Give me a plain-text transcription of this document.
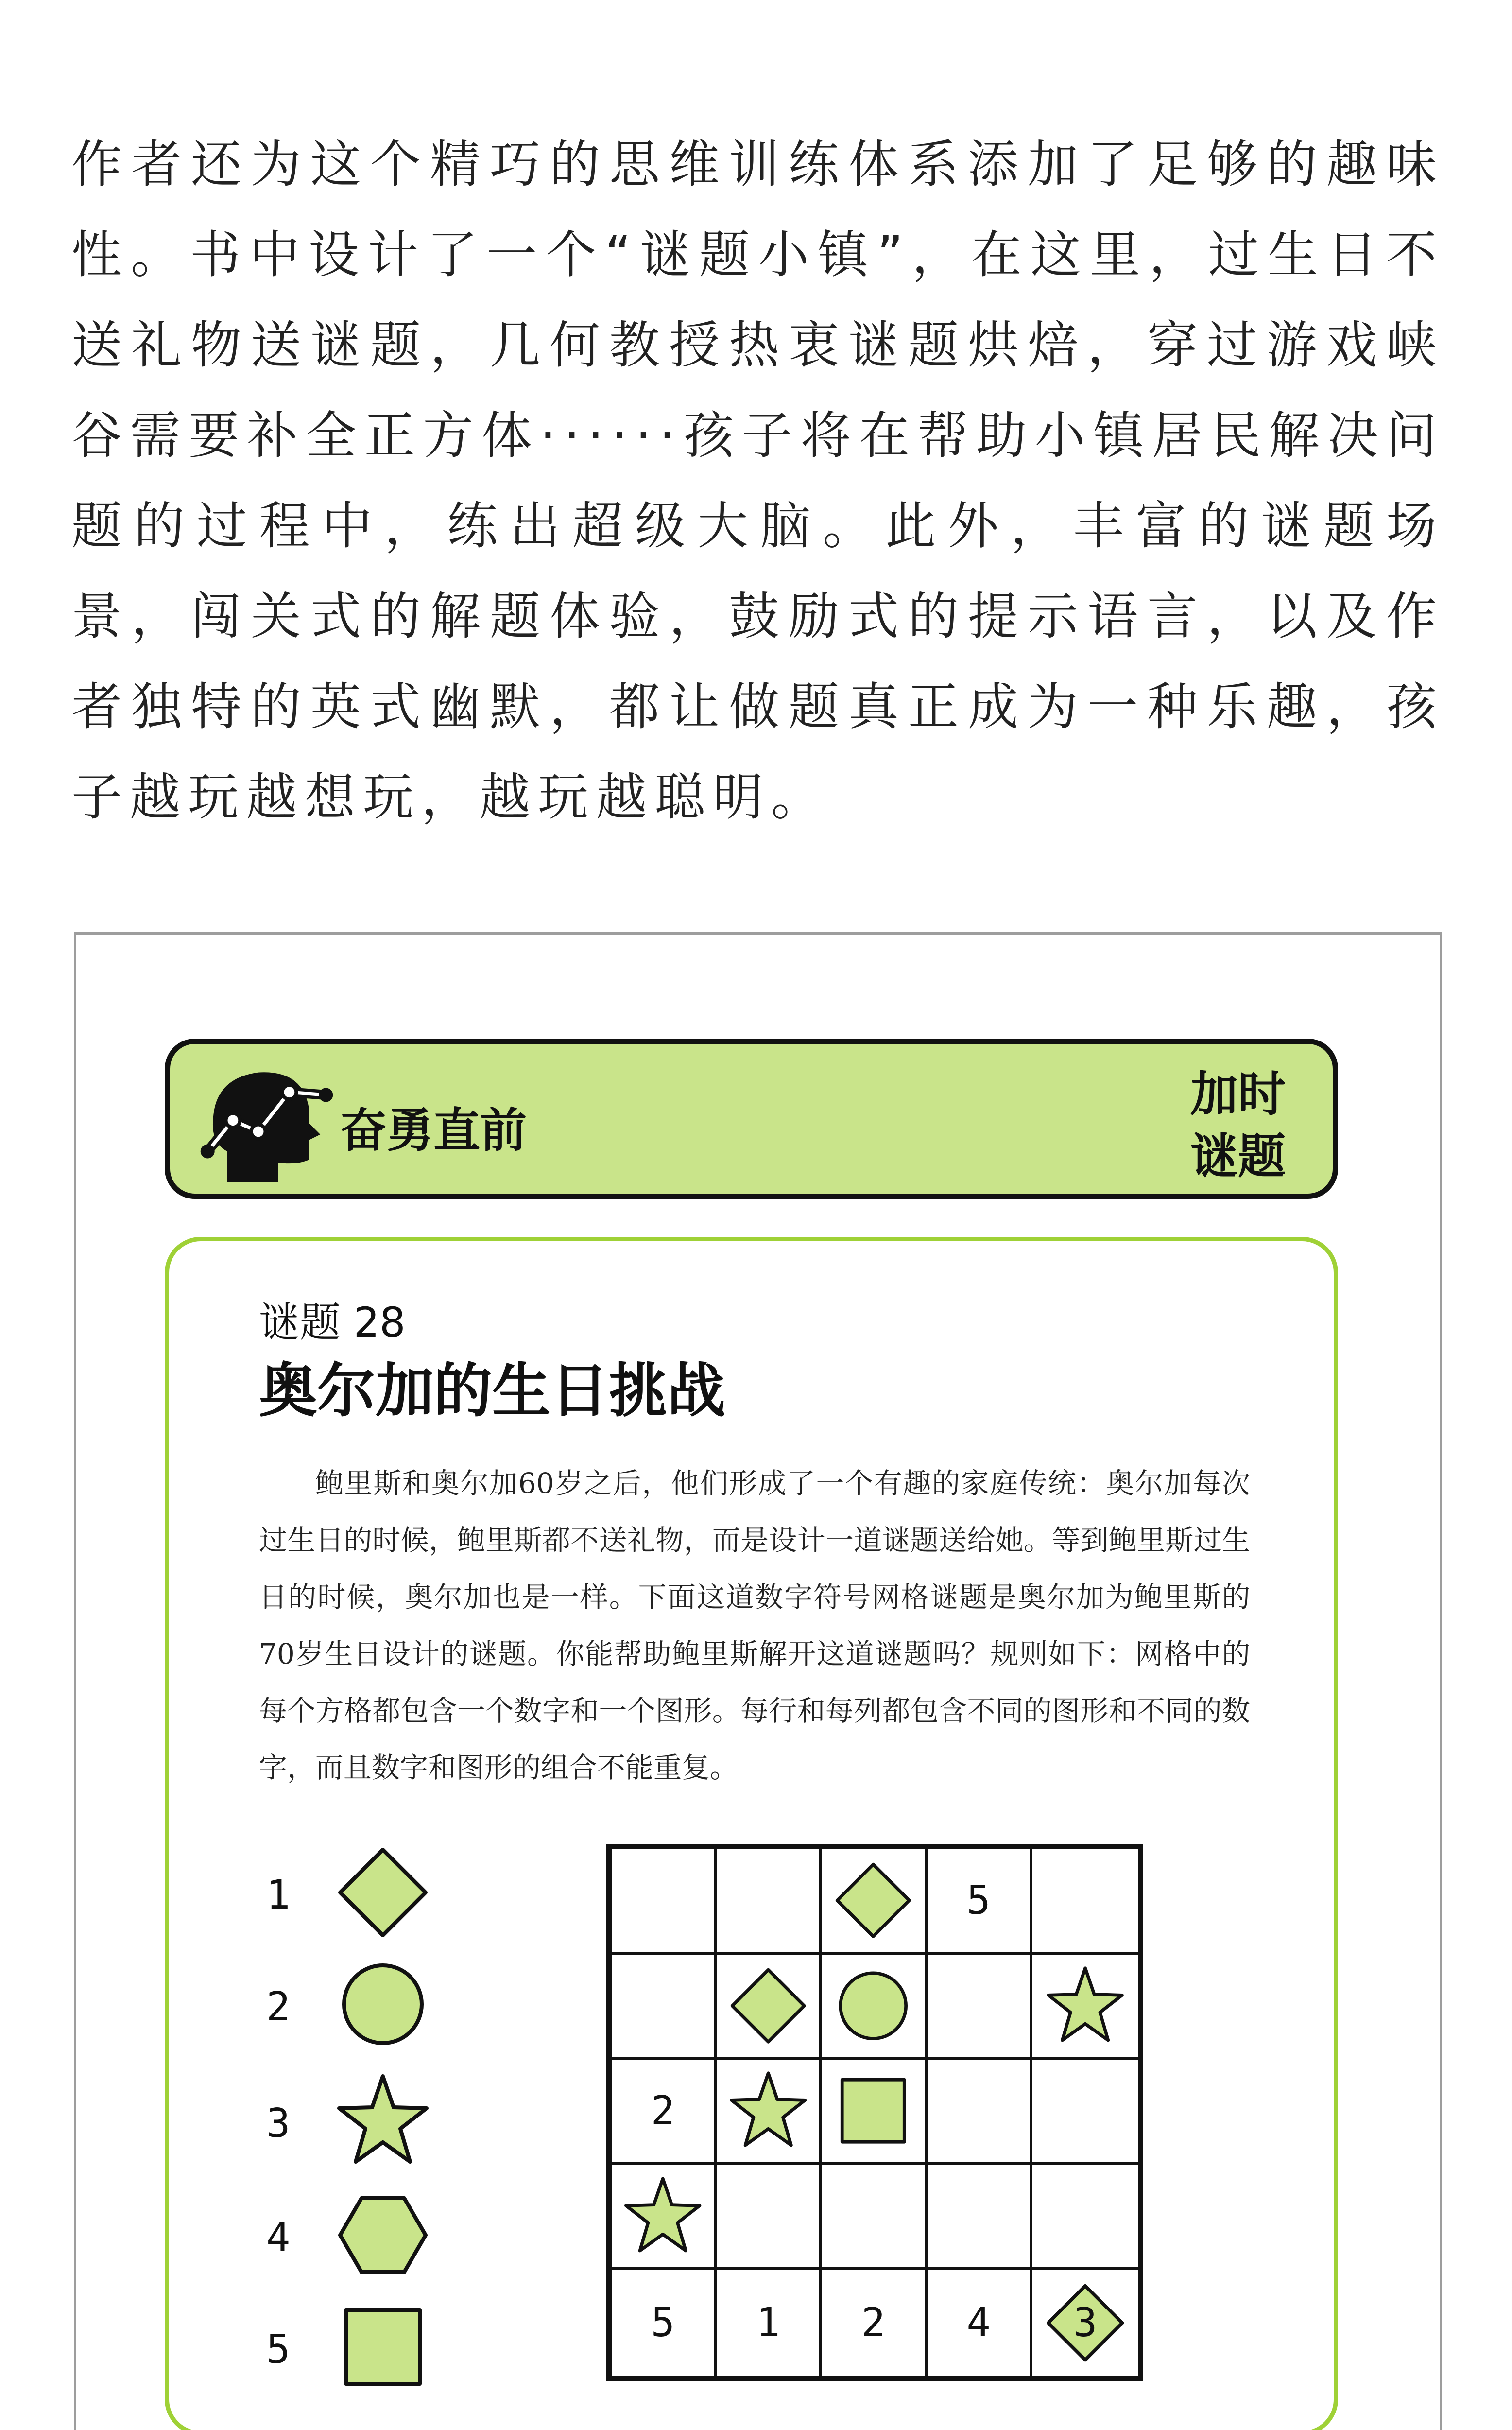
作者还为这个精巧的思维训练体系添加了足够的趣味性。书中设计了一个“谜题小镇”，在这里，过生日不送礼物送谜题，几何教授热衷谜题烘焙，穿过游戏峡谷需要补全正方体······孩子将在帮助小镇居民解决问题的过程中，练出超级大脑。此外，丰富的谜题场景，闯关式的解题体验，鼓励式的提示语言，以及作者独特的英式幽默，都让做题真正成为一种乐趣，孩子越玩越想玩，越玩越聪明。

奋勇直前
加时
谜题
谜题 28
奥尔加的生日挑战

鲍里斯和奥尔加60岁之后，他们形成了一个有趣的家庭传统：奥尔加每次过生日的时候，鲍里斯都不送礼物，而是设计一道谜题送给她。等到鲍里斯过生日的时候，奥尔加也是一样。下面这道数字符号网格谜题是奥尔加为鲍里斯的70岁生日设计的谜题。你能帮助鲍里斯解开这道谜题吗？规则如下：网格中的每个方格都包含一个数字和一个图形。每行和每列都包含不同的图形和不同的数字，而且数字和图形的组合不能重复。

1
2
3
4
5
5
2
5 1 2 4 3
